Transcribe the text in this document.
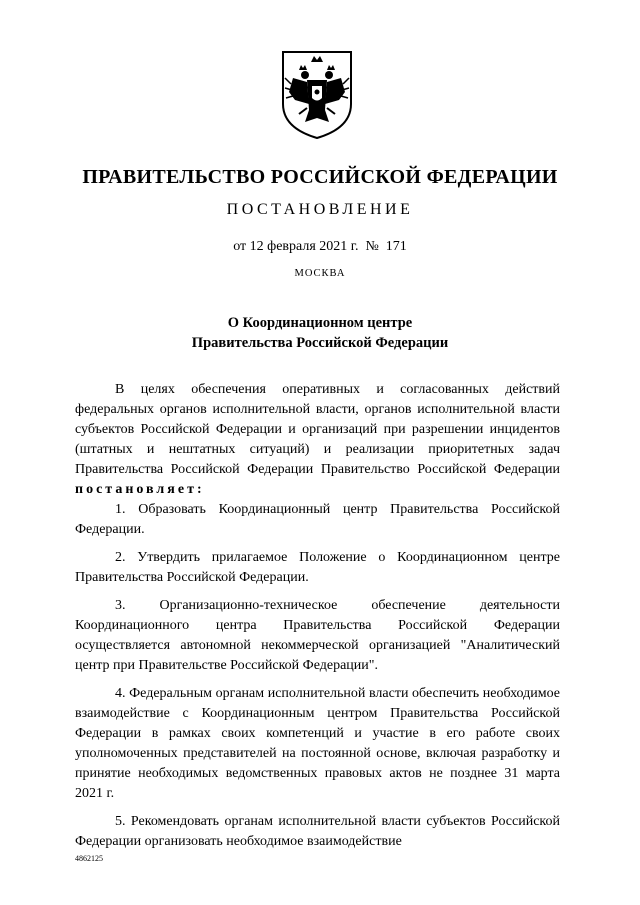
ПРАВИТЕЛЬСТВО РОССИЙСКОЙ ФЕДЕРАЦИИ
ПОСТАНОВЛЕНИЕ
от 12 февраля 2021 г.  №  171
МОСКВА
О Координационном центре
Правительства Российской Федерации

В целях обеспечения оперативных и согласованных действий федеральных органов исполнительной власти, органов исполнительной власти субъектов Российской Федерации и организаций при разрешении инцидентов (штатных и нештатных ситуаций) и реализации приоритетных задач Правительства Российской Федерации Правительство Российской Федерации постановляет:

1. Образовать Координационный центр Правительства Российской Федерации.

2. Утвердить прилагаемое Положение о Координационном центре Правительства Российской Федерации.

3. Организационно-техническое обеспечение деятельности Координационного центра Правительства Российской Федерации осуществляется автономной некоммерческой организацией "Аналитический центр при Правительстве Российской Федерации".

4. Федеральным органам исполнительной власти обеспечить необходимое взаимодействие с Координационным центром Правительства Российской Федерации в рамках своих компетенций и участие в его работе своих уполномоченных представителей на постоянной основе, включая разработку и принятие необходимых ведомственных правовых актов не позднее 31 марта 2021 г.

5. Рекомендовать органам исполнительной власти субъектов Российской Федерации организовать необходимое взаимодействие

4862125
